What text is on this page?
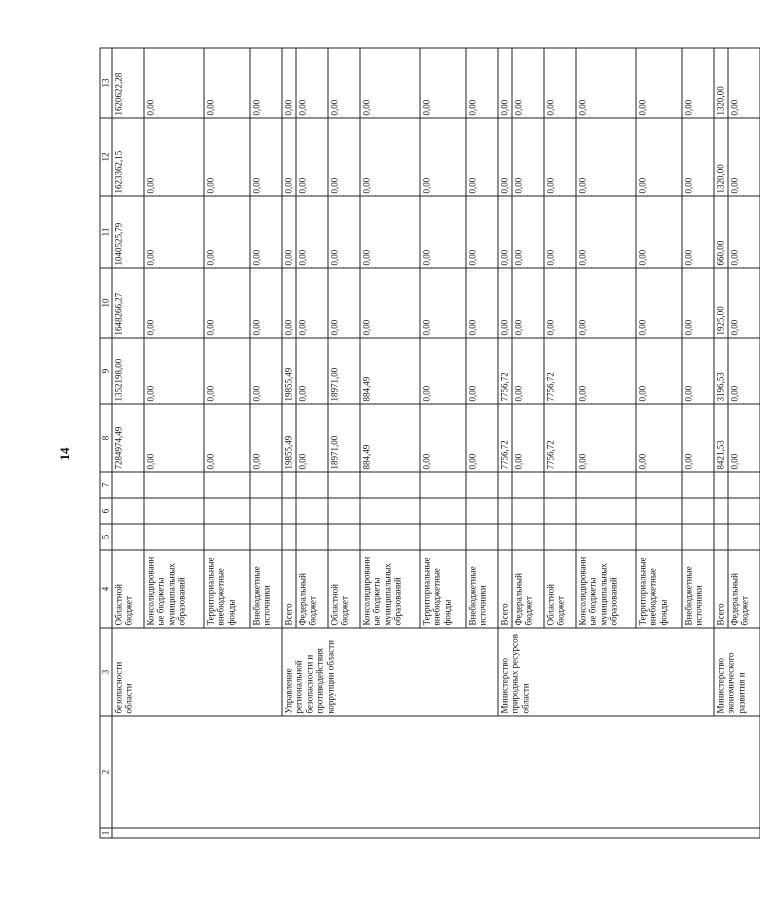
14
1	2	3	4	5	6	7	8	9	10	11	12	13
		безопасности области	Областной бюджет				7284974,49	1352198,00	1648266,27	1040525,79	1623362,15	1620622,28
			Консолидированные бюджеты муниципальных образований				0,00	0,00	0,00	0,00	0,00	0,00
			Территориальные внебюджетные фонды				0,00	0,00	0,00	0,00	0,00	0,00
			Внебюджетные источники				0,00	0,00	0,00	0,00	0,00	0,00
		Управление региональной безопасности и противодействия коррупции области	Всего				19855,49	19855,49	0,00	0,00	0,00	0,00
			Федеральный бюджет				0,00	0,00	0,00	0,00	0,00	0,00
			Областной бюджет				18971,00	18971,00	0,00	0,00	0,00	0,00
			Консолидированные бюджеты муниципальных образований				884,49	884,49	0,00	0,00	0,00	0,00
			Территориальные внебюджетные фонды				0,00	0,00	0,00	0,00	0,00	0,00
			Внебюджетные источники				0,00	0,00	0,00	0,00	0,00	0,00
		Министерство природных ресурсов области	Всего				7756,72	7756,72	0,00	0,00	0,00	0,00
			Федеральный бюджет				0,00	0,00	0,00	0,00	0,00	0,00
			Областной бюджет				7756,72	7756,72	0,00	0,00	0,00	0,00
			Консолидированные бюджеты муниципальных образований				0,00	0,00	0,00	0,00	0,00	0,00
			Территориальные внебюджетные фонды				0,00	0,00	0,00	0,00	0,00	0,00
			Внебюджетные источники				0,00	0,00	0,00	0,00	0,00	0,00
		Министерство экономического развития и	Всего				8421,53	3196,53	1925,00	660,00	1320,00	1320,00
			Федеральный бюджет				0,00	0,00	0,00	0,00	0,00	0,00
